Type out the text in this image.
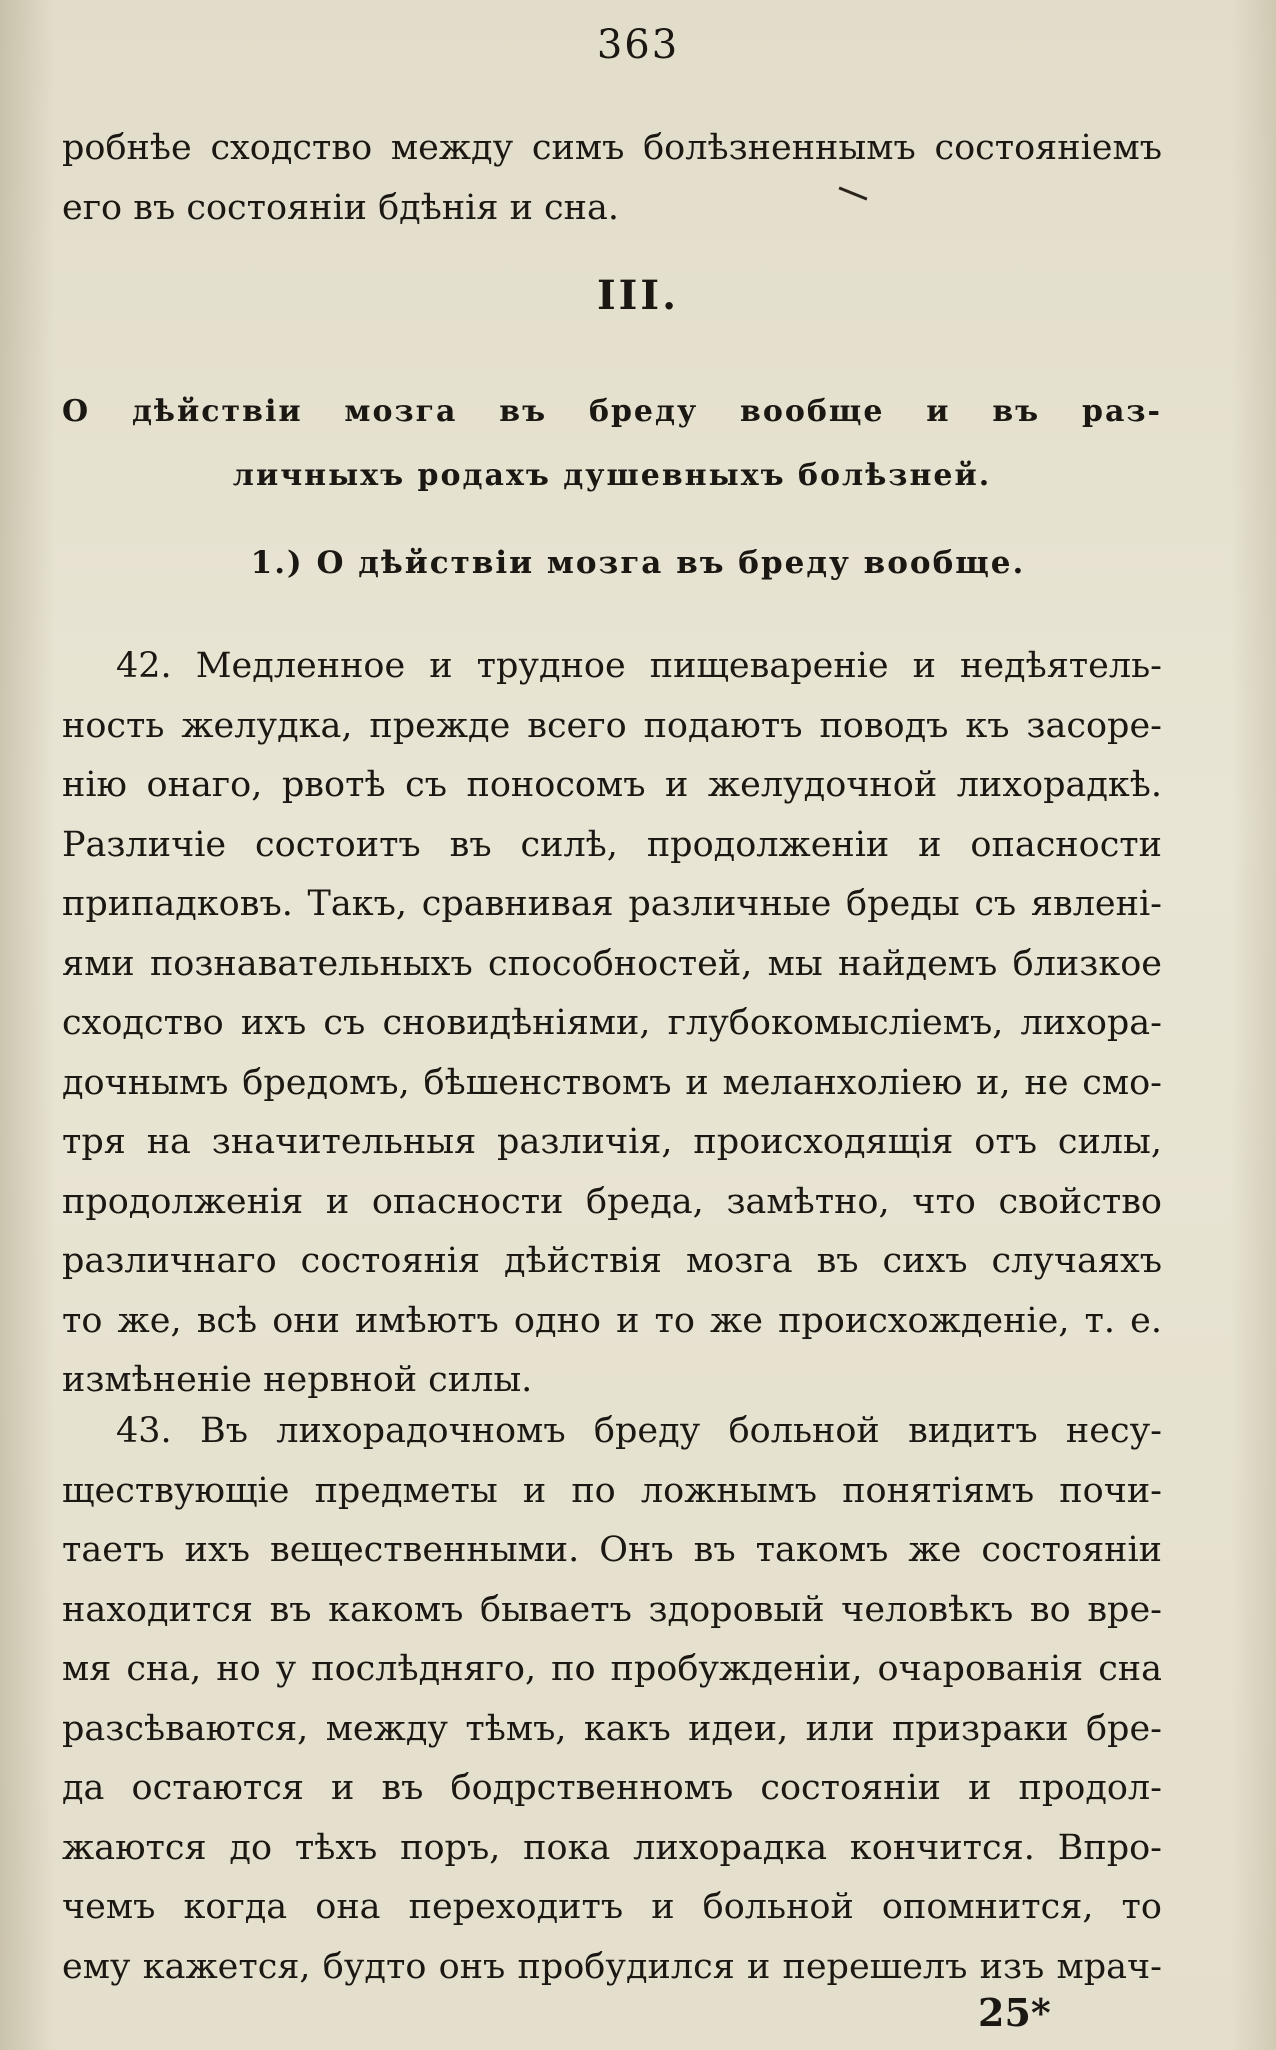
363
робнѣе сходство между симъ болѣзненнымъ состояніемъ
его въ состояніи бдѣнія и сна.
III.
О дѣйствіи мозга въ бреду вообще и въ раз-
личныхъ родахъ душевныхъ болѣзней.
1.) О дѣйствіи мозга въ бреду вообще.
42. Медленное и трудное пищевареніе и недѣятель-
ность желудка, прежде всего подаютъ поводъ къ засоре-
нію онаго, рвотѣ съ поносомъ и желудочной лихорадкѣ.
Различіе состоитъ въ силѣ, продолженіи и опасности
припадковъ. Такъ, сравнивая различные бреды съ явлені-
ями познавательныхъ способностей, мы найдемъ близкое
сходство ихъ съ сновидѣніями, глубокомысліемъ, лихора-
дочнымъ бредомъ, бѣшенствомъ и меланхоліею и, не смо-
тря на значительныя различія, происходящія отъ силы,
продолженія и опасности бреда, замѣтно, что свойство
различнаго состоянія дѣйствія мозга въ сихъ случаяхъ
то же, всѣ они имѣютъ одно и то же происхожденіе, т. е.
измѣненіе нервной силы.
43. Въ лихорадочномъ бреду больной видитъ несу-
ществующіе предметы и по ложнымъ понятіямъ почи-
таетъ ихъ вещественными. Онъ въ такомъ же состояніи
находится въ какомъ бываетъ здоровый человѣкъ во вре-
мя сна, но у послѣдняго, по пробужденіи, очарованія сна
разсѣваются, между тѣмъ, какъ идеи, или призраки бре-
да остаются и въ бодрственномъ состояніи и продол-
жаются до тѣхъ поръ, пока лихорадка кончится. Впро-
чемъ когда она переходитъ и больной опомнится, то
ему кажется, будто онъ пробудился и перешелъ изъ мрач-
25*
